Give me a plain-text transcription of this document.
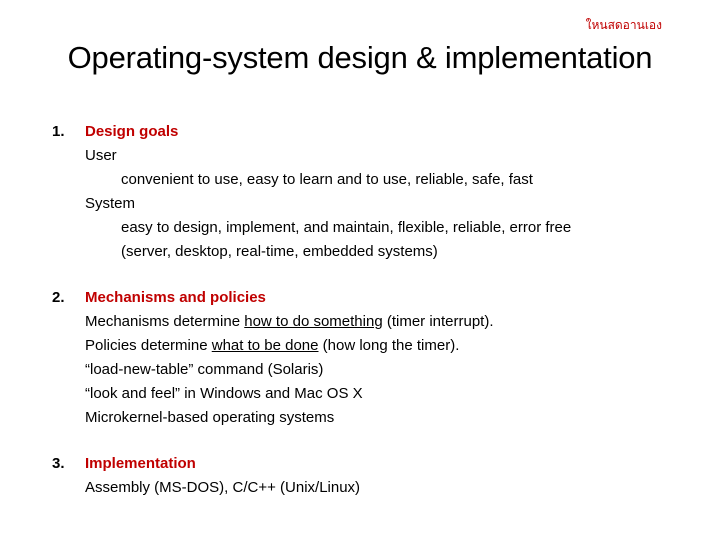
ใหนสดอานเอง
Operating-system design & implementation
1. Design goals
User
convenient to use, easy to learn and to use, reliable, safe, fast
System
easy to design, implement, and maintain, flexible, reliable, error free
(server, desktop, real-time, embedded systems)
2. Mechanisms and policies
Mechanisms determine how to do something (timer interrupt).
Policies determine what to be done (how long the timer).
“load-new-table” command (Solaris)
“look and feel” in Windows and Mac OS X
Microkernel-based operating systems
3. Implementation
Assembly (MS-DOS), C/C++ (Unix/Linux)
